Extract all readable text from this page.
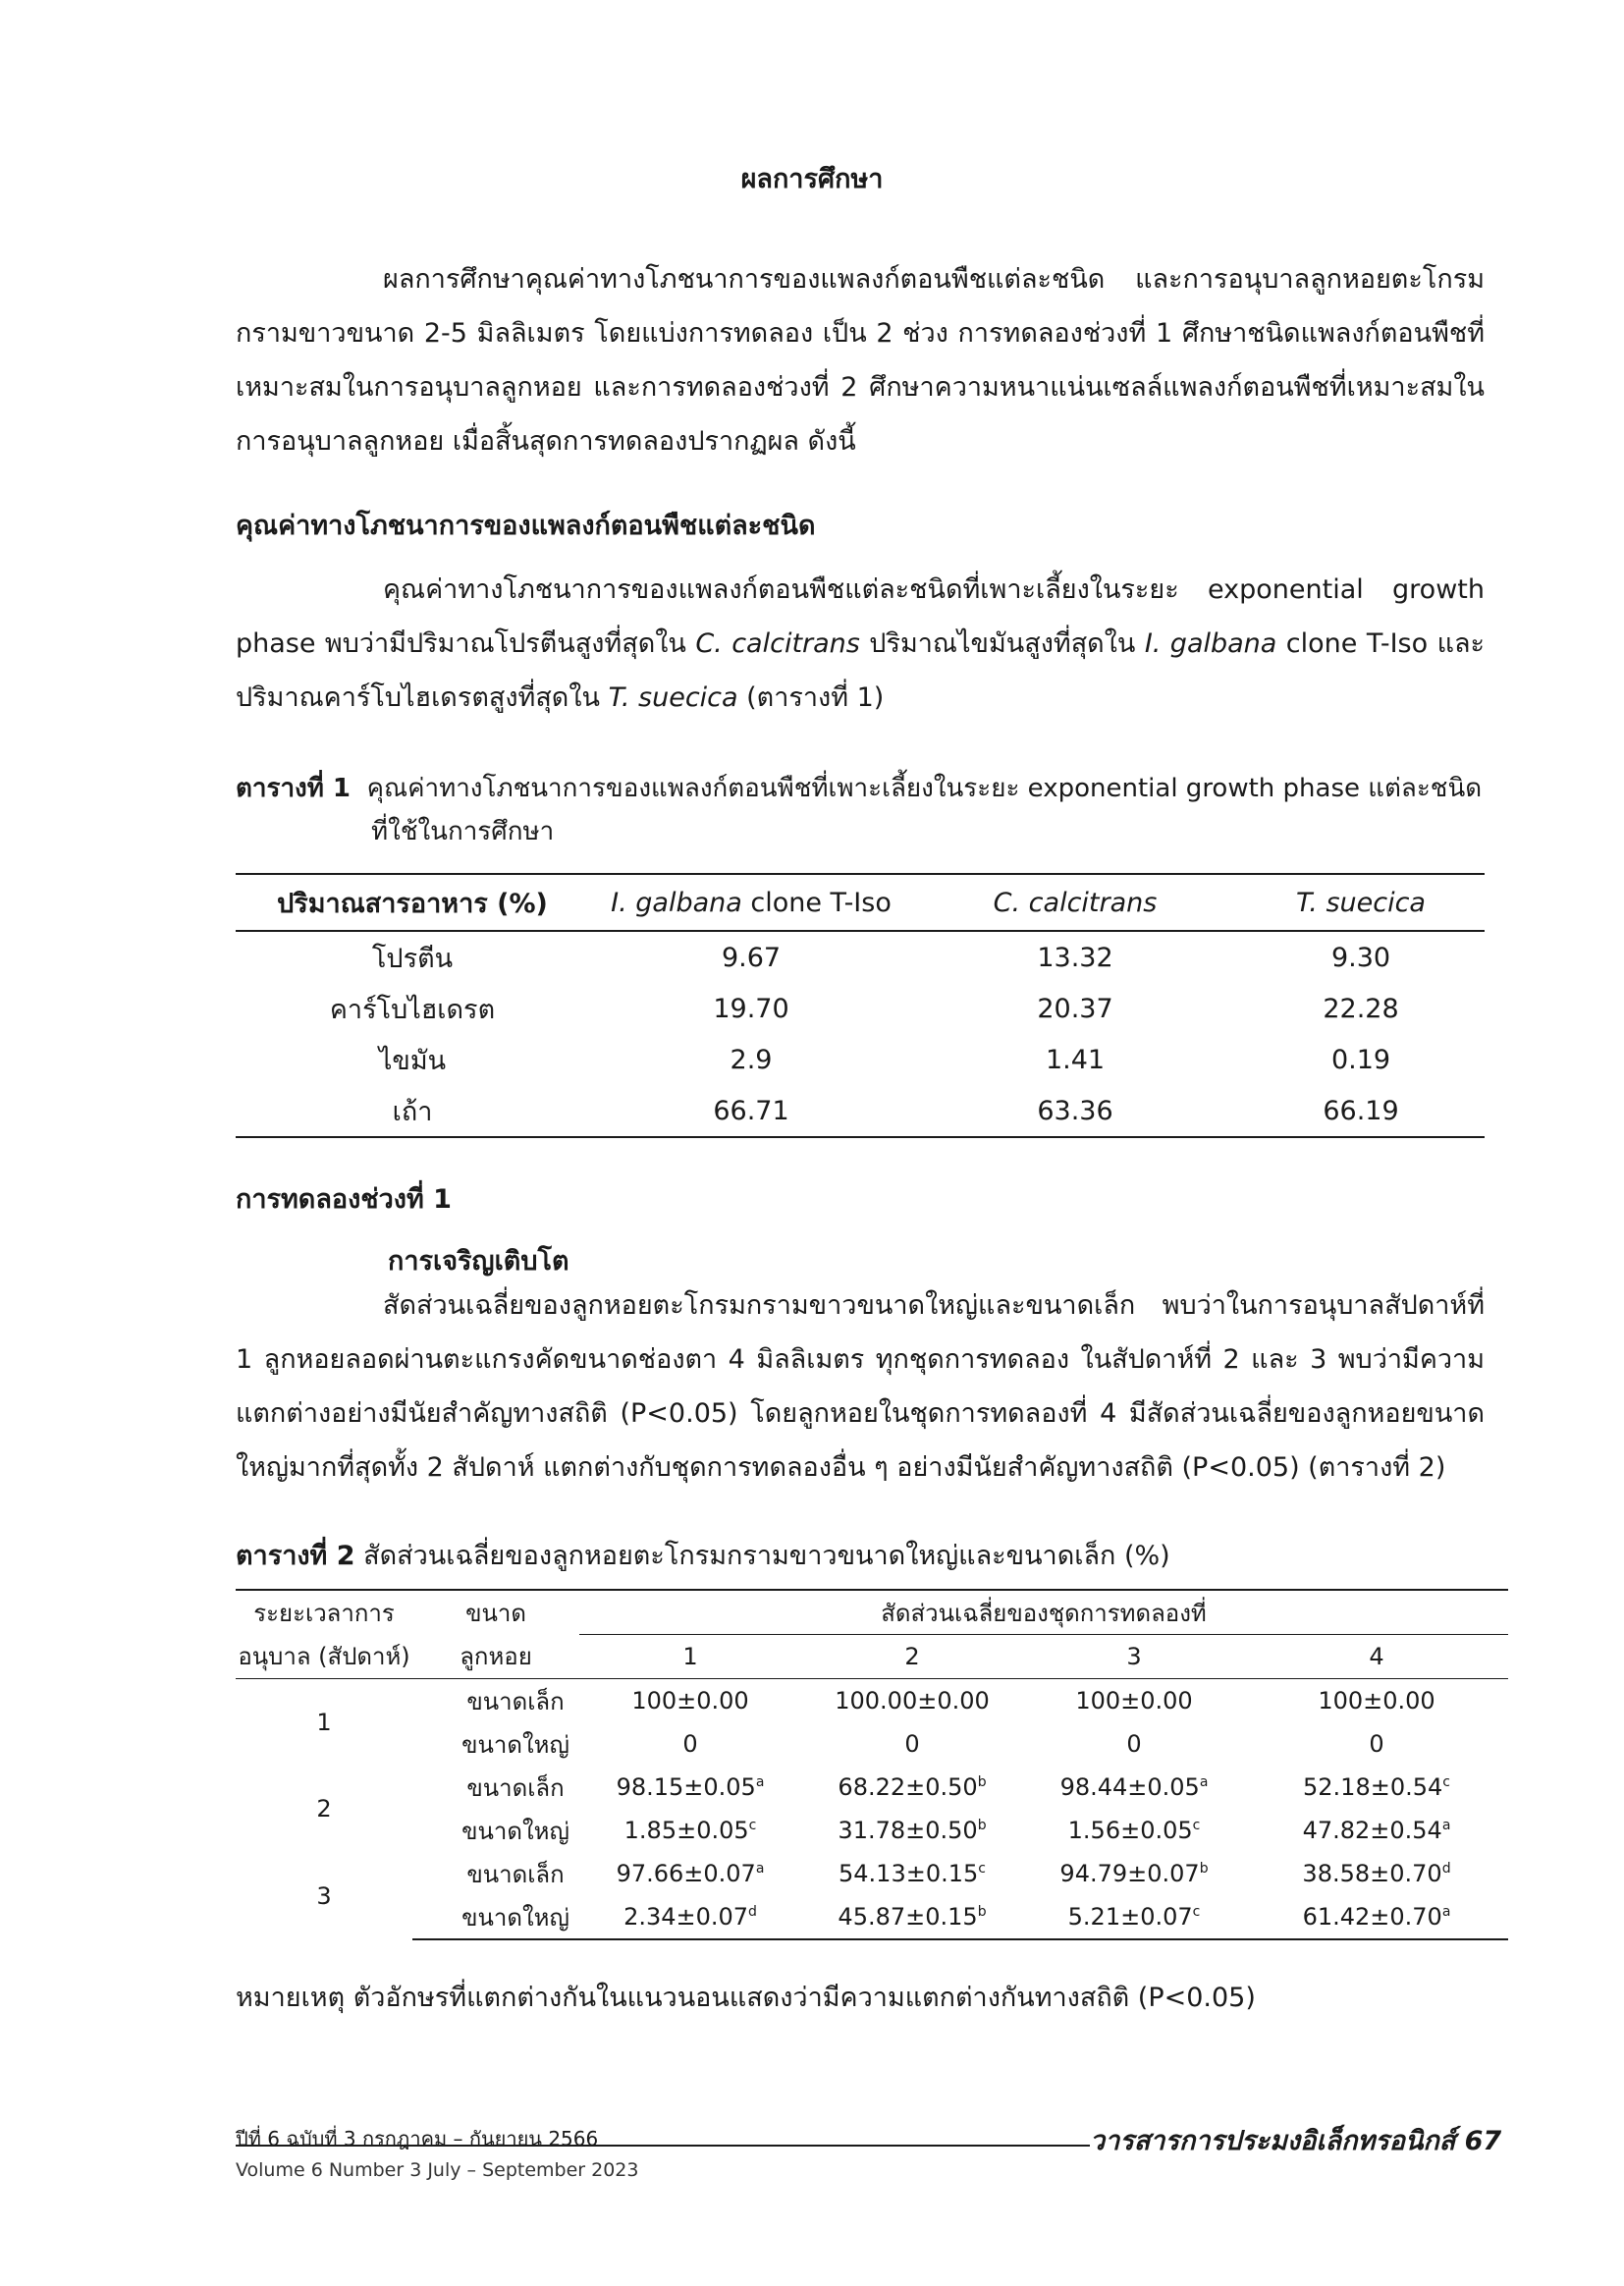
ผลการศึกษา

ผลการศึกษาคุณค่าทางโภชนาการของแพลงก์ตอนพืชแต่ละชนิด และการอนุบาลลูกหอยตะโกรมกรามขาวขนาด 2-5 มิลลิเมตร โดยแบ่งการทดลอง เป็น 2 ช่วง การทดลองช่วงที่ 1 ศึกษาชนิดแพลงก์ตอนพืชที่เหมาะสมในการอนุบาลลูกหอย และการทดลองช่วงที่ 2 ศึกษาความหนาแน่นเซลล์แพลงก์ตอนพืชที่เหมาะสมในการอนุบาลลูกหอย เมื่อสิ้นสุดการทดลองปรากฏผล ดังนี้

คุณค่าทางโภชนาการของแพลงก์ตอนพืชแต่ละชนิด

คุณค่าทางโภชนาการของแพลงก์ตอนพืชแต่ละชนิดที่เพาะเลี้ยงในระยะ exponential growth phase พบว่ามีปริมาณโปรตีนสูงที่สุดใน C. calcitrans ปริมาณไขมันสูงที่สุดใน I. galbana clone T-Iso และปริมาณคาร์โบไฮเดรตสูงที่สุดใน T. suecica (ตารางที่ 1)

ตารางที่ 1 คุณค่าทางโภชนาการของแพลงก์ตอนพืชที่เพาะเลี้ยงในระยะ exponential growth phase แต่ละชนิด
ที่ใช้ในการศึกษา
ปริมาณสารอาหาร (%)	I. galbana clone T-Iso	C. calcitrans	T. suecica
โปรตีน	9.67	13.32	9.30
คาร์โบไฮเดรต	19.70	20.37	22.28
ไขมัน	2.9	1.41	0.19
เถ้า	66.71	63.36	66.19
การทดลองช่วงที่ 1
การเจริญเติบโต

สัดส่วนเฉลี่ยของลูกหอยตะโกรมกรามขาวขนาดใหญ่และขนาดเล็ก พบว่าในการอนุบาลสัปดาห์ที่ 1 ลูกหอยลอดผ่านตะแกรงคัดขนาดช่องตา 4 มิลลิเมตร ทุกชุดการทดลอง ในสัปดาห์ที่ 2 และ 3 พบว่ามีความแตกต่างอย่างมีนัยสำคัญทางสถิติ (P<0.05) โดยลูกหอยในชุดการทดลองที่ 4 มีสัดส่วนเฉลี่ยของลูกหอยขนาดใหญ่มากที่สุดทั้ง 2 สัปดาห์ แตกต่างกับชุดการทดลองอื่น ๆ อย่างมีนัยสำคัญทางสถิติ (P<0.05) (ตารางที่ 2)

ตารางที่ 2 สัดส่วนเฉลี่ยของลูกหอยตะโกรมกรามขาวขนาดใหญ่และขนาดเล็ก (%)
ระยะเวลาการ	ขนาด	สัดส่วนเฉลี่ยของชุดการทดลองที่			
อนุบาล (สัปดาห์)	ลูกหอย	1	2	3	4
1	ขนาดเล็ก	100±0.00	100.00±0.00	100±0.00	100±0.00
	ขนาดใหญ่	0	0	0	0
2	ขนาดเล็ก	98.15±0.05$^a$	68.22±0.50$^b$	98.44±0.05$^a$	52.18±0.54$^c$
	ขนาดใหญ่	1.85±0.05$^c$	31.78±0.50$^b$	1.56±0.05$^c$	47.82±0.54$^a$
3	ขนาดเล็ก	97.66±0.07$^a$	54.13±0.15$^c$	94.79±0.07$^b$	38.58±0.70$^d$
	ขนาดใหญ่	2.34±0.07$^d$	45.87±0.15$^b$	5.21±0.07$^c$	61.42±0.70$^a$
หมายเหตุ ตัวอักษรที่แตกต่างกันในแนวนอนแสดงว่ามีความแตกต่างกันทางสถิติ (P<0.05)
ปีที่ 6 ฉบับที่ 3 กรกฎาคม – กันยายน 2566
Volume 6 Number 3 July – September 2023
วารสารการประมงอิเล็กทรอนิกส์ 67
